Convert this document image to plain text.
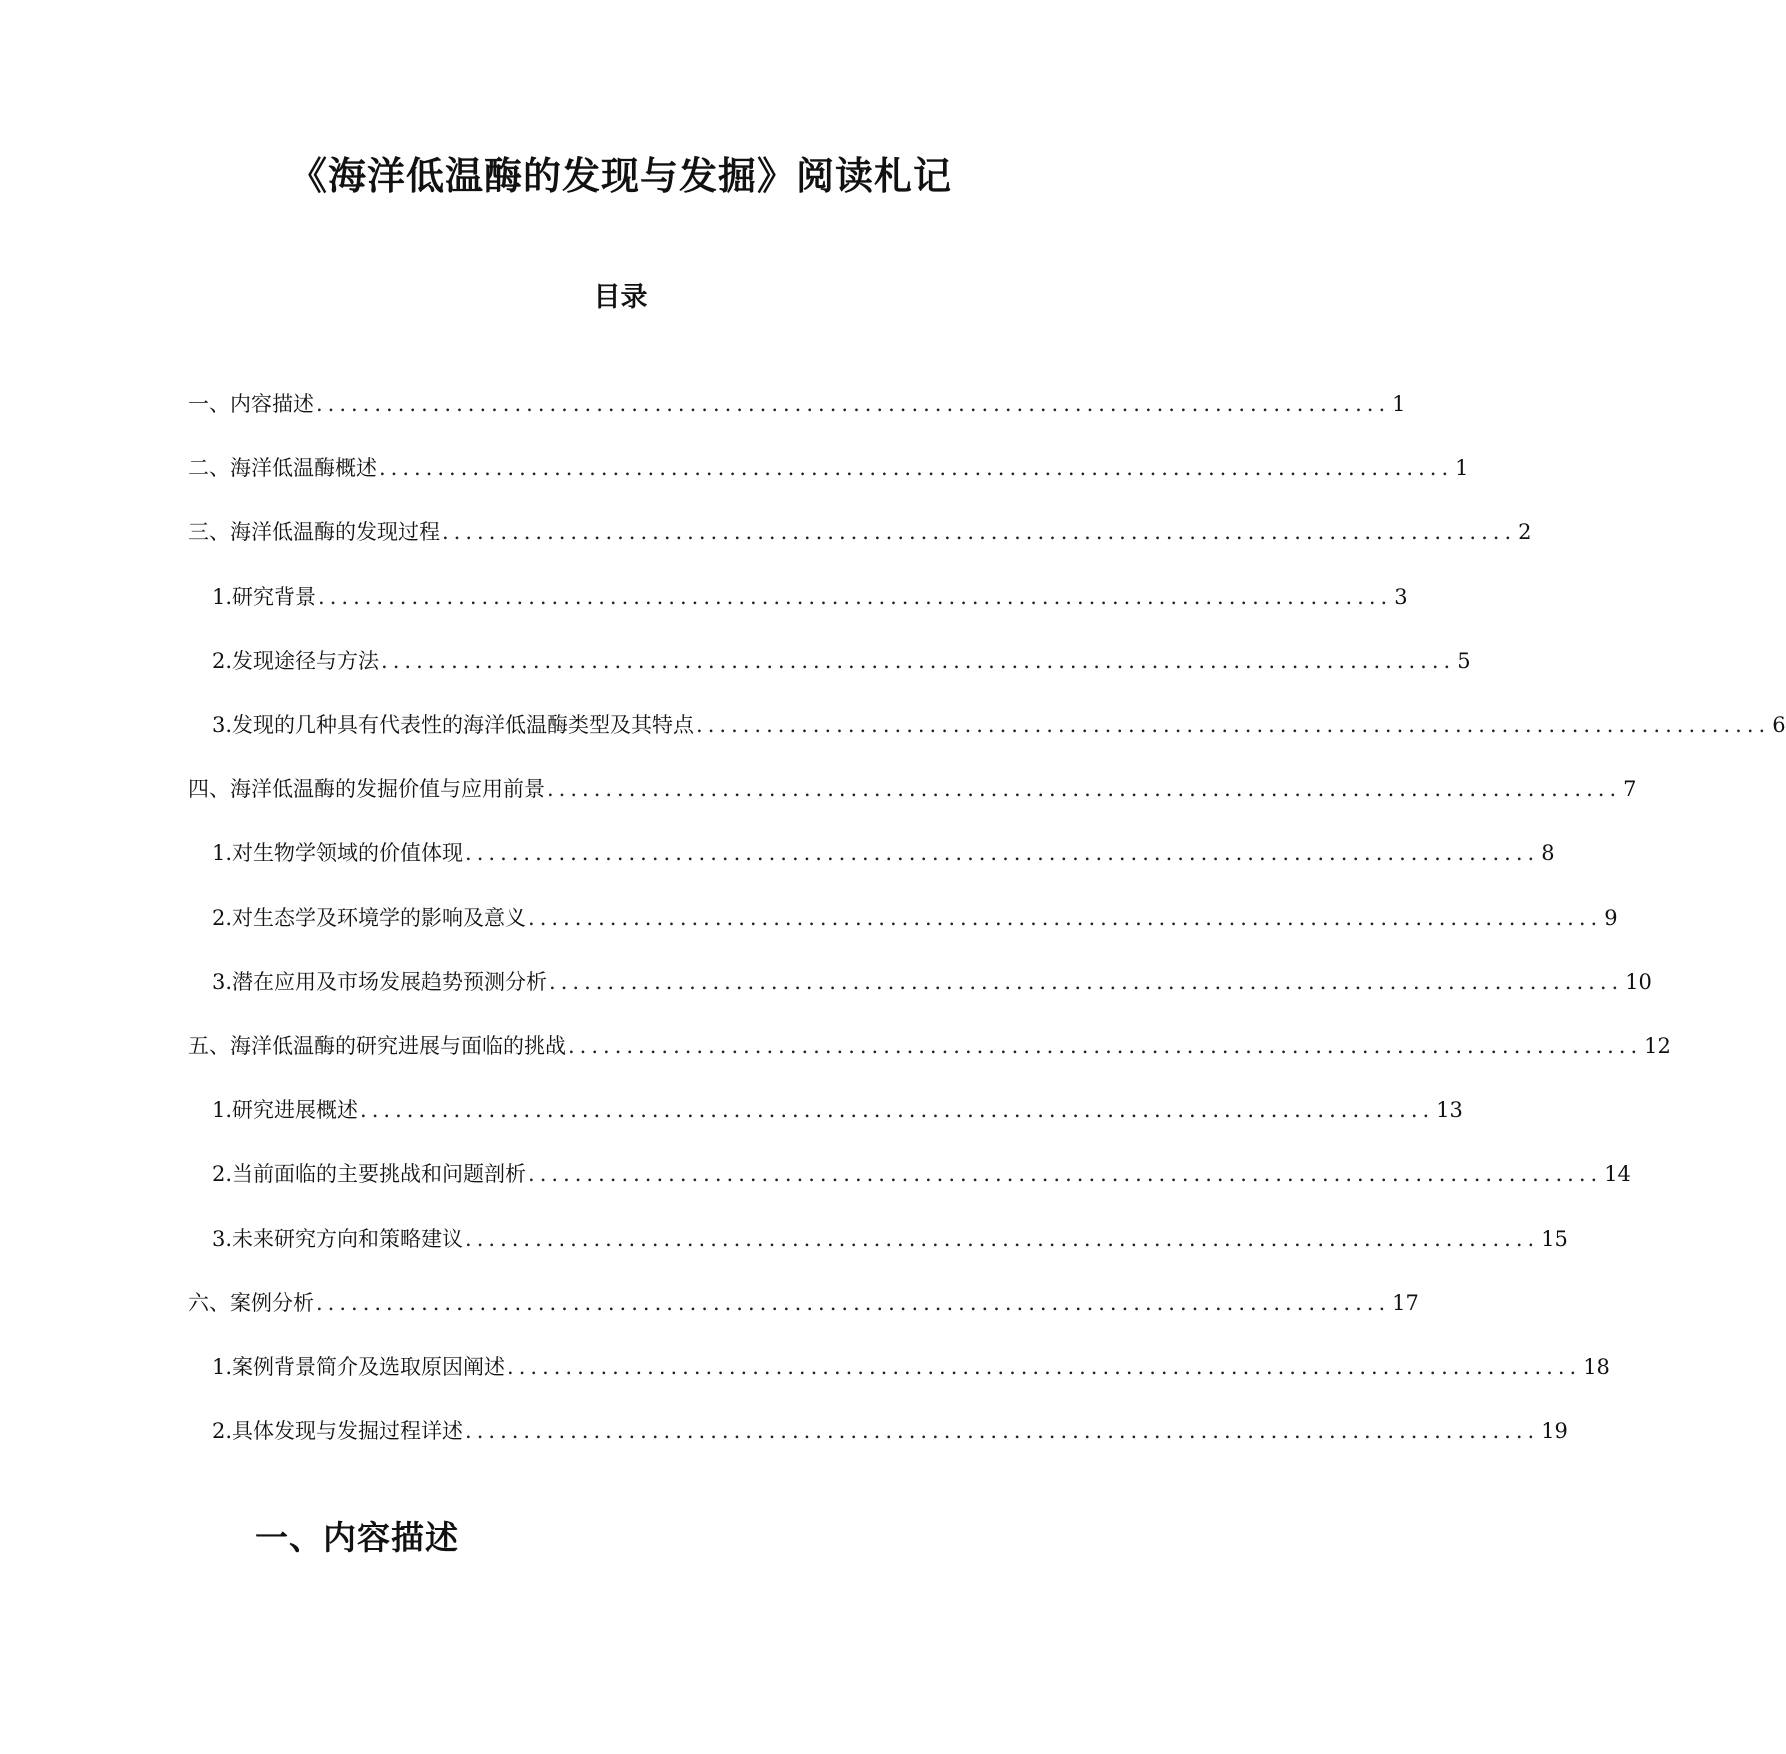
《海洋低温酶的发现与发掘》阅读札记
目录
一、内容描述 ............................................................................................ 1
二、海洋低温酶概述 ............................................................................................ 1
三、海洋低温酶的发现过程 ............................................................................................ 2
1. 研究背景 ............................................................................................ 3
2. 发现途径与方法 ............................................................................................ 5
3. 发现的几种具有代表性的海洋低温酶类型及其特点 ............................................................................................ 6
四、海洋低温酶的发掘价值与应用前景 ............................................................................................ 7
1. 对生物学领域的价值体现 ............................................................................................ 8
2. 对生态学及环境学的影响及意义 ............................................................................................ 9
3. 潜在应用及市场发展趋势预测分析 ............................................................................................ 10
五、海洋低温酶的研究进展与面临的挑战 ............................................................................................ 12
1. 研究进展概述 ............................................................................................ 13
2. 当前面临的主要挑战和问题剖析 ............................................................................................ 14
3. 未来研究方向和策略建议 ............................................................................................ 15
六、案例分析 ............................................................................................ 17
1. 案例背景简介及选取原因阐述 ............................................................................................ 18
2. 具体发现与发掘过程详述 ............................................................................................ 19
一、内容描述
